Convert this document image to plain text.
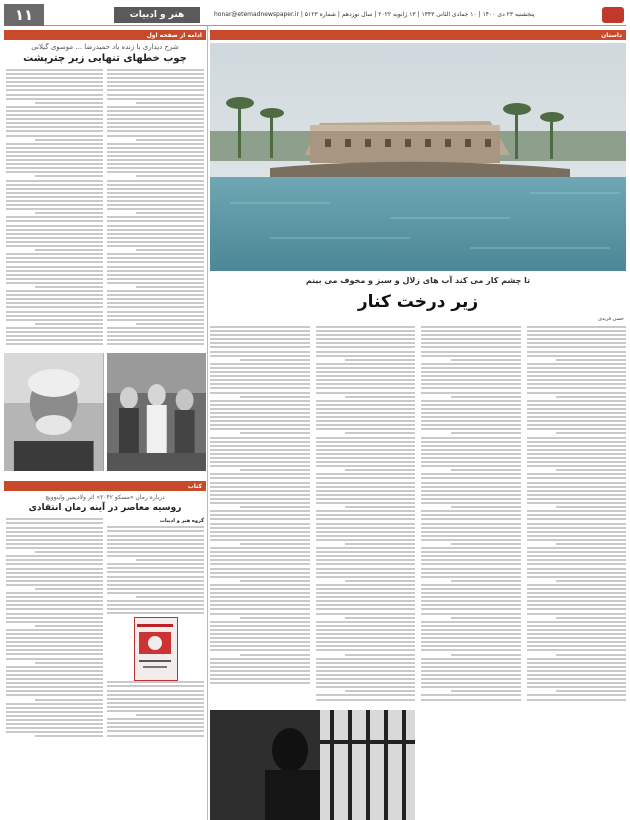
۱۱	هنر و ادبیات	honar@etemadnewspaper.ir | پنجشنبه ۲۳ دی ۱۴۰۰ | ۱۰ جمادی الثانی ۱۴۴۳ | ۱۳ ژانویه ۲۰۲۲ | سال نوزدهم | شماره ۵۱۲۳
ادامه از صفحه اول
شرح دیداری با زنده یاد حمیدرضا ... موسوی گیلانی
چوب خطهای تنهایی زیر چترپشت
کتاب
درباره رمان «مسکو ۲۰۴۲» اثر ولادیمیر واینوویچ
روسیه معاصر در آینه رمان انتقادی
گروه هنر و ادبیات
داستان
تا چشم کار می کند آب های زلال و سبز و مخوف می بینم
زیر درخت کنار
حسن فریدی
